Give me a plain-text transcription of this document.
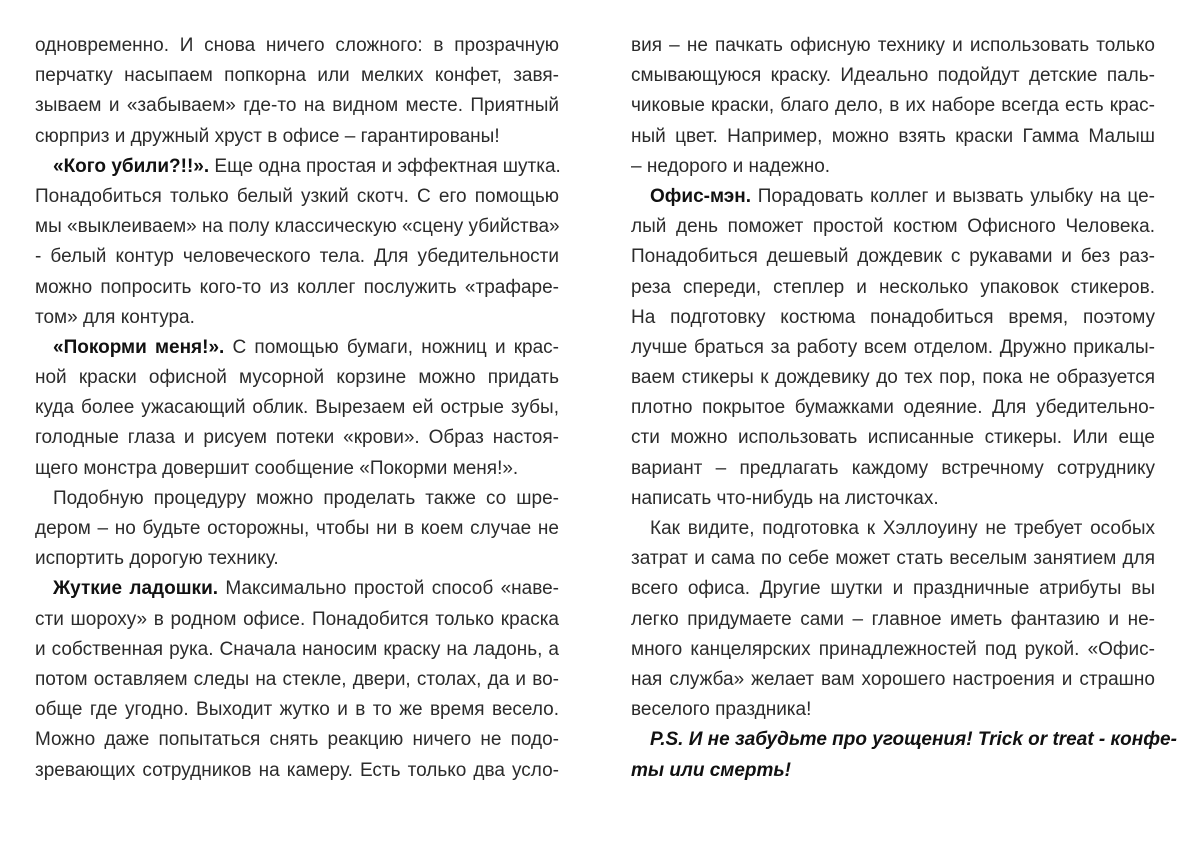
одновременно. И снова ничего сложного: в прозрачную
перчатку насыпаем попкорна или мелких конфет, завя-
зываем и «забываем» где-то на видном месте. Приятный
сюрприз и дружный хруст в офисе – гарантированы!
«Кого убили?!!». Еще одна простая и эффектная шутка.
Понадобиться только белый узкий скотч. С его помощью
мы «выклеиваем» на полу классическую «сцену убийства»
- белый контур человеческого тела. Для убедительности
можно попросить кого-то из коллег послужить «трафаре-
том» для контура.
«Покорми меня!». С помощью бумаги, ножниц и крас-
ной краски офисной мусорной корзине можно придать
куда более ужасающий облик. Вырезаем ей острые зубы,
голодные глаза и рисуем потеки «крови». Образ настоя-
щего монстра довершит сообщение «Покорми меня!».
Подобную процедуру можно проделать также со шре-
дером – но будьте осторожны, чтобы ни в коем случае не
испортить дорогую технику.
Жуткие ладошки. Максимально простой способ «наве-
сти шороху» в родном офисе. Понадобится только краска
и собственная рука. Сначала наносим краску на ладонь, а
потом оставляем следы на стекле, двери, столах, да и во-
обще где угодно. Выходит жутко и в то же время весело.
Можно даже попытаться снять реакцию ничего не подо-
зревающих сотрудников на камеру. Есть только два усло-
вия – не пачкать офисную технику и использовать только
смывающуюся краску. Идеально подойдут детские паль-
чиковые краски, благо дело, в их наборе всегда есть крас-
ный цвет. Например, можно взять краски Гамма Малыш
– недорого и надежно.
Офис-мэн. Порадовать коллег и вызвать улыбку на це-
лый день поможет простой костюм Офисного Человека.
Понадобиться дешевый дождевик с рукавами и без раз-
реза спереди, степлер и несколько упаковок стикеров.
На подготовку костюма понадобиться время, поэтому
лучше браться за работу всем отделом. Дружно прикалы-
ваем стикеры к дождевику до тех пор, пока не образуется
плотно покрытое бумажками одеяние. Для убедительно-
сти можно использовать исписанные стикеры. Или еще
вариант – предлагать каждому встречному сотруднику
написать что-нибудь на листочках.
Как видите, подготовка к Хэллоуину не требует особых
затрат и сама по себе может стать веселым занятием для
всего офиса. Другие шутки и праздничные атрибуты вы
легко придумаете сами – главное иметь фантазию и не-
много канцелярских принадлежностей под рукой. «Офис-
ная служба» желает вам хорошего настроения и страшно
веселого праздника!
P.S. И не забудьте про угощения! Trick or treat - конфе-
ты или смерть!
